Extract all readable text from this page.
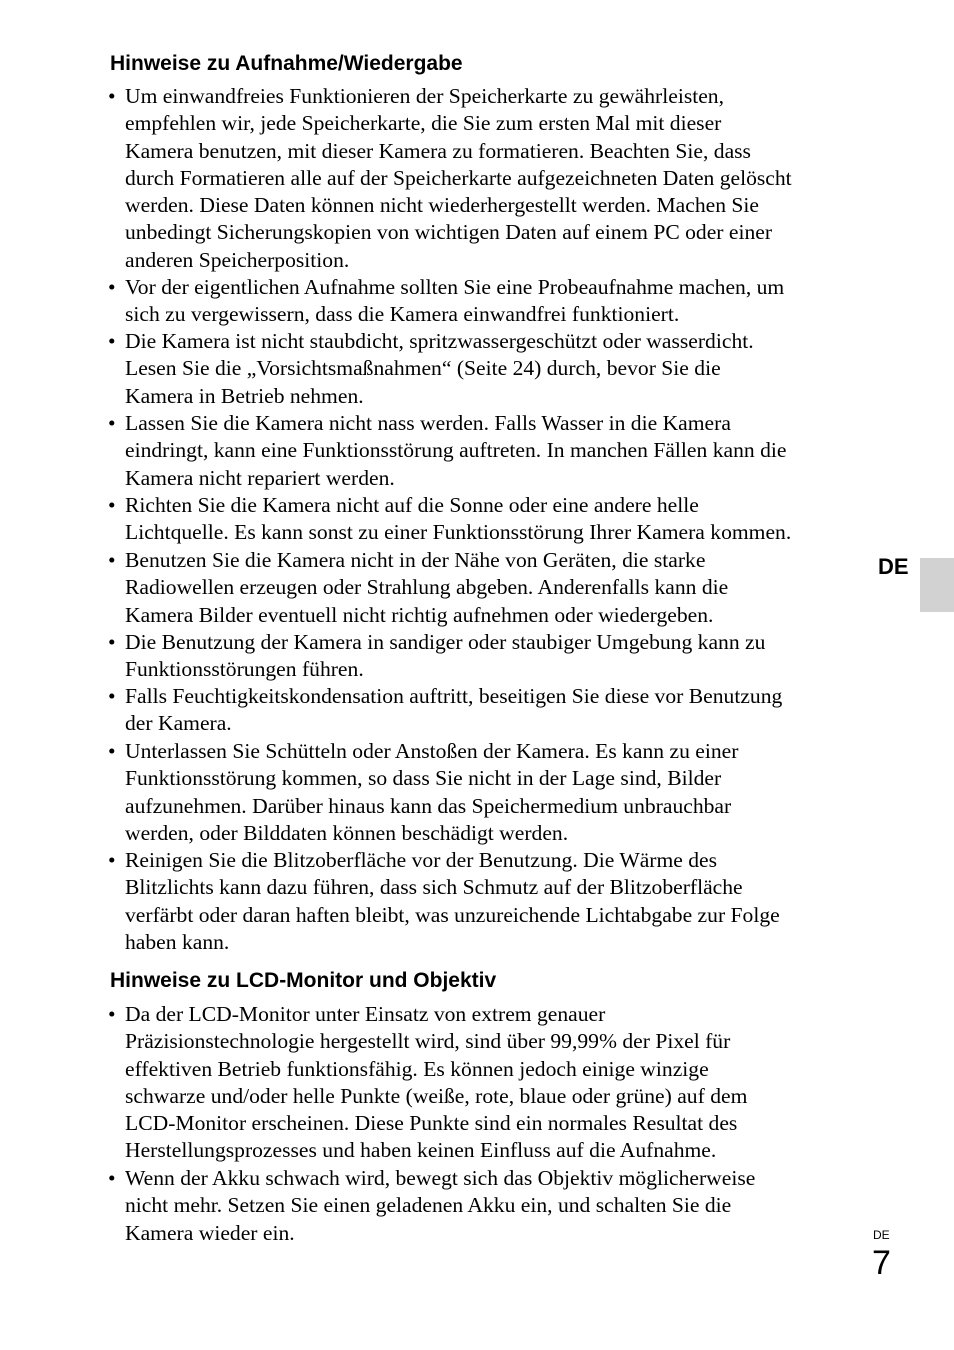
Hinweise zu Aufnahme/Wiedergabe
• Um einwandfreies Funktionieren der Speicherkarte zu gewährleisten,
empfehlen wir, jede Speicherkarte, die Sie zum ersten Mal mit dieser
Kamera benutzen, mit dieser Kamera zu formatieren. Beachten Sie, dass
durch Formatieren alle auf der Speicherkarte aufgezeichneten Daten gelöscht
werden. Diese Daten können nicht wiederhergestellt werden. Machen Sie
unbedingt Sicherungskopien von wichtigen Daten auf einem PC oder einer
anderen Speicherposition.
• Vor der eigentlichen Aufnahme sollten Sie eine Probeaufnahme machen, um
sich zu vergewissern, dass die Kamera einwandfrei funktioniert.
• Die Kamera ist nicht staubdicht, spritzwassergeschützt oder wasserdicht.
Lesen Sie die „Vorsichtsmaßnahmen“ (Seite 24) durch, bevor Sie die
Kamera in Betrieb nehmen.
• Lassen Sie die Kamera nicht nass werden. Falls Wasser in die Kamera
eindringt, kann eine Funktionsstörung auftreten. In manchen Fällen kann die
Kamera nicht repariert werden.
• Richten Sie die Kamera nicht auf die Sonne oder eine andere helle
Lichtquelle. Es kann sonst zu einer Funktionsstörung Ihrer Kamera kommen.
• Benutzen Sie die Kamera nicht in der Nähe von Geräten, die starke
Radiowellen erzeugen oder Strahlung abgeben. Anderenfalls kann die
Kamera Bilder eventuell nicht richtig aufnehmen oder wiedergeben.
• Die Benutzung der Kamera in sandiger oder staubiger Umgebung kann zu
Funktionsstörungen führen.
• Falls Feuchtigkeitskondensation auftritt, beseitigen Sie diese vor Benutzung
der Kamera.
• Unterlassen Sie Schütteln oder Anstoßen der Kamera. Es kann zu einer
Funktionsstörung kommen, so dass Sie nicht in der Lage sind, Bilder
aufzunehmen. Darüber hinaus kann das Speichermedium unbrauchbar
werden, oder Bilddaten können beschädigt werden.
• Reinigen Sie die Blitzoberfläche vor der Benutzung. Die Wärme des
Blitzlichts kann dazu führen, dass sich Schmutz auf der Blitzoberfläche
verfärbt oder daran haften bleibt, was unzureichende Lichtabgabe zur Folge
haben kann.
Hinweise zu LCD-Monitor und Objektiv
• Da der LCD-Monitor unter Einsatz von extrem genauer
Präzisionstechnologie hergestellt wird, sind über 99,99% der Pixel für
effektiven Betrieb funktionsfähig. Es können jedoch einige winzige
schwarze und/oder helle Punkte (weiße, rote, blaue oder grüne) auf dem
LCD-Monitor erscheinen. Diese Punkte sind ein normales Resultat des
Herstellungsprozesses und haben keinen Einfluss auf die Aufnahme.
• Wenn der Akku schwach wird, bewegt sich das Objektiv möglicherweise
nicht mehr. Setzen Sie einen geladenen Akku ein, und schalten Sie die
Kamera wieder ein.
DE
DE
7
